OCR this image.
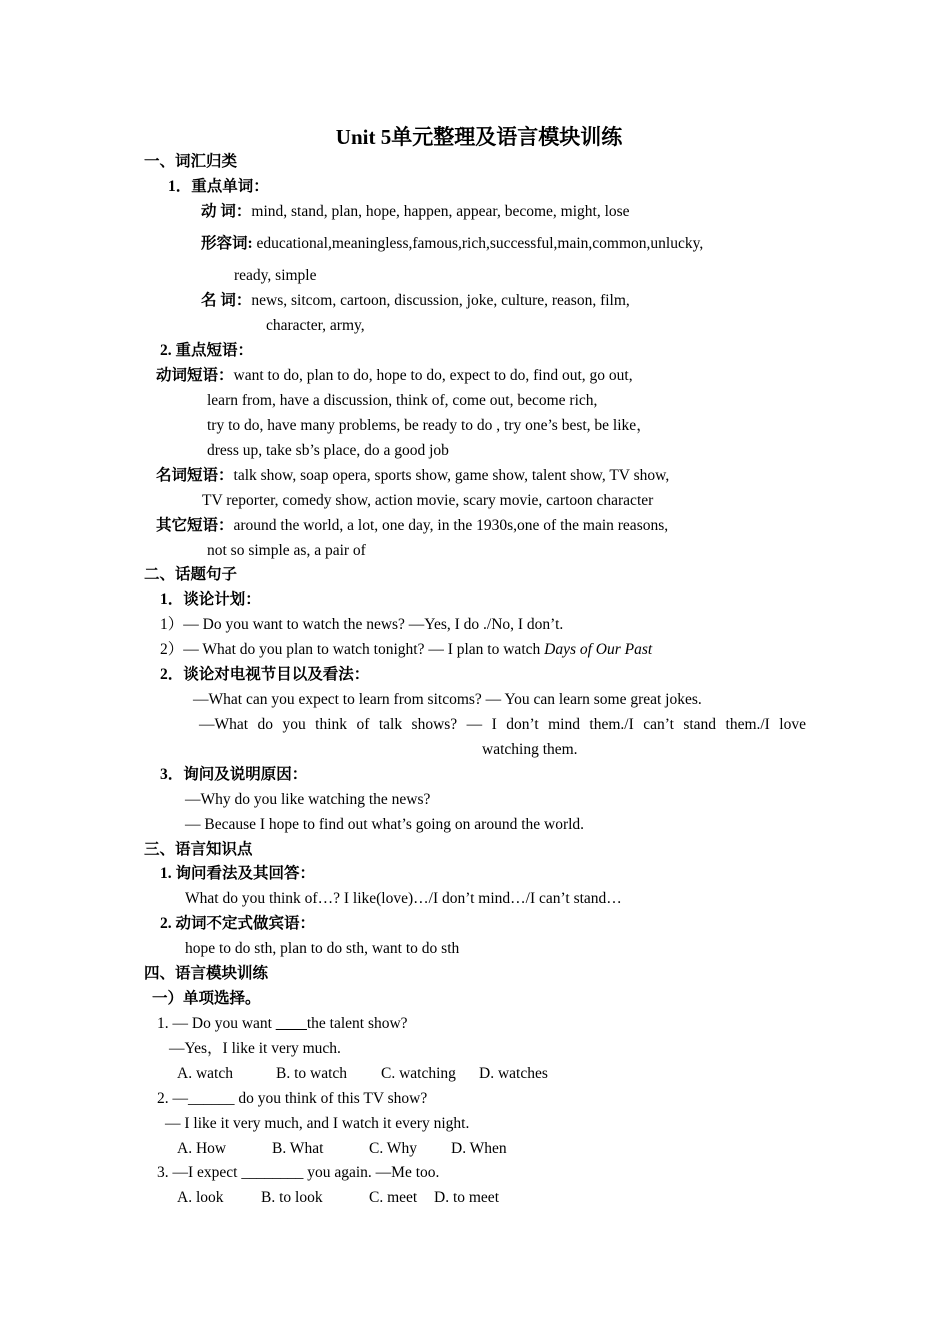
Unit 5单元整理及语言模块训练
一、词汇归类
1．重点单词：
动 词：mind, stand, plan, hope, happen, appear, become, might, lose
形容词: educational,meaningless,famous,rich,successful,main,common,unlucky,
ready, simple
名 词：news, sitcom, cartoon, discussion, joke, culture, reason, film,
character, army,
2. 重点短语：
动词短语：want to do, plan to do, hope to do, expect to do, find out, go out,
learn from, have a discussion, think of, come out, become rich,
try to do, have many problems, be ready to do , try one’s best, be like，
dress up, take sb’s place, do a good job
名词短语：talk show, soap opera, sports show, game show, talent show, TV show,
TV reporter, comedy show, action movie, scary movie, cartoon character
其它短语：around the world, a lot, one day, in the 1930s,one of the main reasons,
not so simple as, a pair of
二、话题句子
1．谈论计划：
1）— Do you want to watch the news? —Yes, I do ./No, I don’t.
2）— What do you plan to watch tonight? — I plan to watch Days of Our Past
2．谈论对电视节目以及看法：
—What can you expect to learn from sitcoms? — You can learn some great jokes.
—What do you think of talk shows? — I don’t mind them./I can’t stand them./I love
watching them.
3．询问及说明原因：
—Why do you like watching the news?
— Because I hope to find out what’s going on around the world.
三、语言知识点
1. 询问看法及其回答：
What do you think of…? I like(love)…/I don’t mind…/I can’t stand…
2. 动词不定式做宾语：
hope to do sth, plan to do sth, want to do sth
四、语言模块训练
一）单项选择。
1. — Do you want ____the talent show?
—Yes，I like it very much.
A. watch	B. to watch C. watching D. watches
2. —______ do you think of this TV show?
— I like it very much, and I watch it every night.
A. How	B. What	C. Why D. When
3. —I expect ________ you again. —Me too.
A. look B. to look	C. meet D. to meet
